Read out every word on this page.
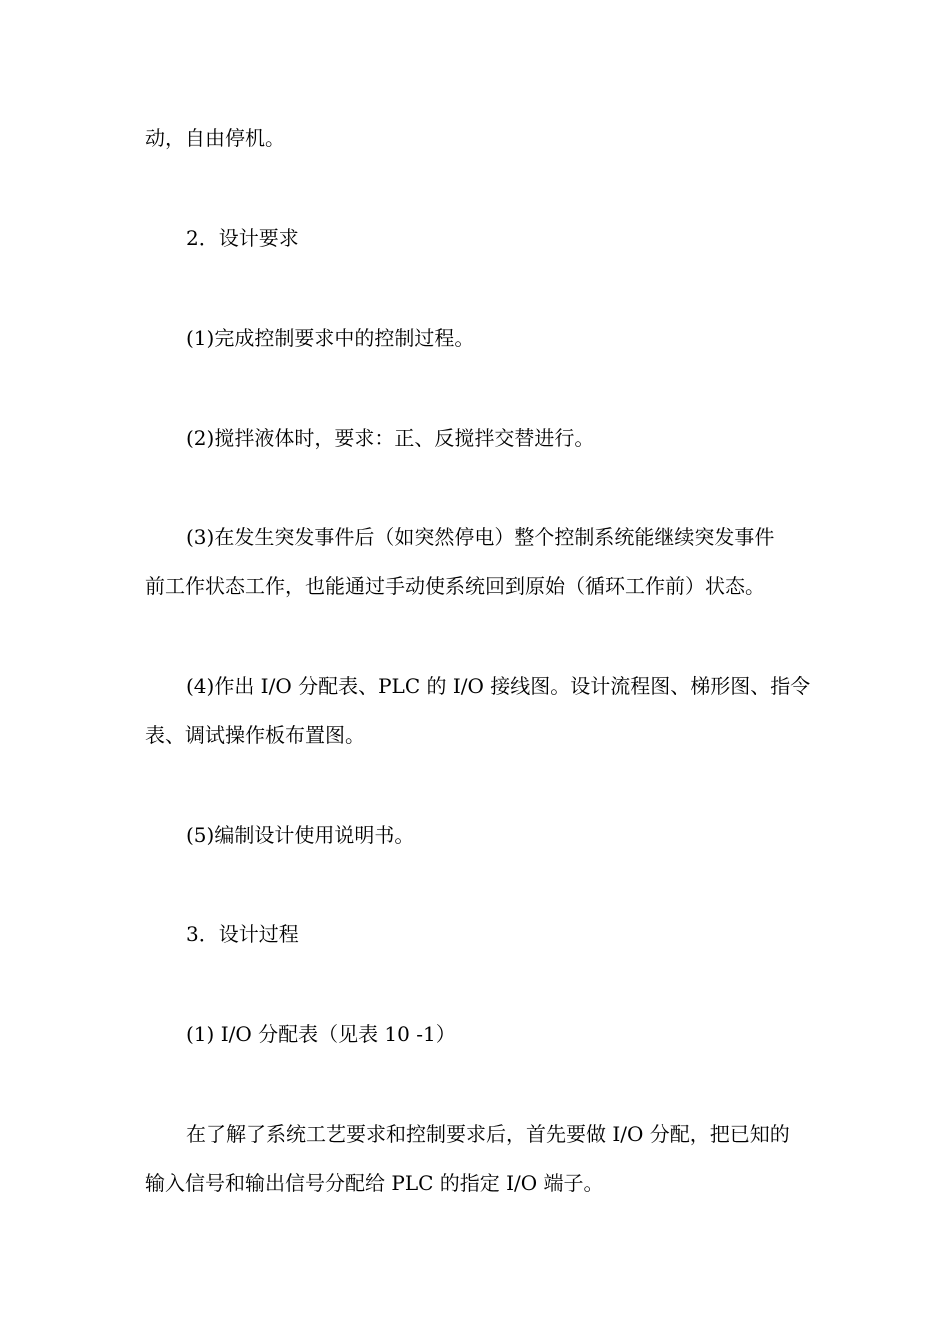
动，自由停机。
2．设计要求
(1)完成控制要求中的控制过程。
(2)搅拌液体时，要求：正、反搅拌交替进行。
(3)在发生突发事件后（如突然停电）整个控制系统能继续突发事件
前工作状态工作，也能通过手动使系统回到原始（循环工作前）状态。
(4)作出 I/O 分配表、PLC 的 I/O 接线图。设计流程图、梯形图、指令
表、调试操作板布置图。
(5)编制设计使用说明书。
3．设计过程
(1) I/O 分配表（见表 10 -1）
在了解了系统工艺要求和控制要求后，首先要做 I/O 分配，把已知的
输入信号和输出信号分配给 PLC 的指定 I/O 端子。
